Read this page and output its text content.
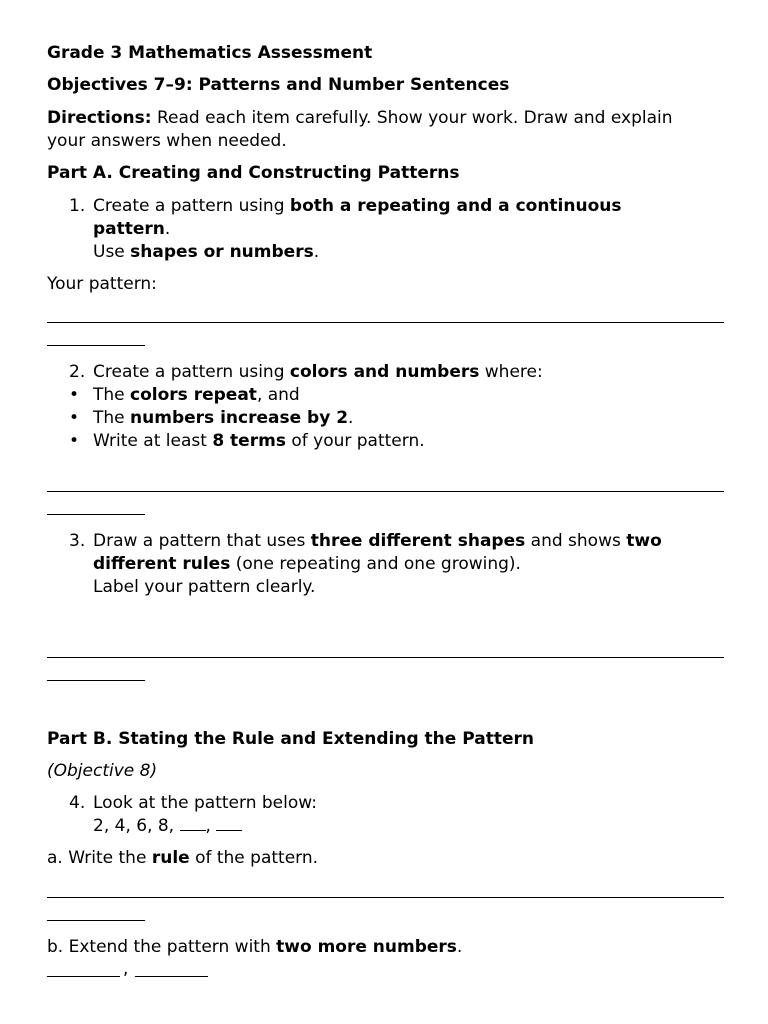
Grade 3 Mathematics Assessment
Objectives 7–9: Patterns and Number Sentences
Directions: Read each item carefully. Show your work. Draw and explain
your answers when needed.
Part A. Creating and Constructing Patterns
1. Create a pattern using both a repeating and a continuous
pattern.
Use shapes or numbers.
Your pattern:
2. Create a pattern using colors and numbers where:
• The colors repeat, and
• The numbers increase by 2.
• Write at least 8 terms of your pattern.
3. Draw a pattern that uses three different shapes and shows two
different rules (one repeating and one growing).
Label your pattern clearly.
Part B. Stating the Rule and Extending the Pattern
(Objective 8)
4. Look at the pattern below:
2, 4, 6, 8, ,
a. Write the rule of the pattern.
b. Extend the pattern with two more numbers.
,
